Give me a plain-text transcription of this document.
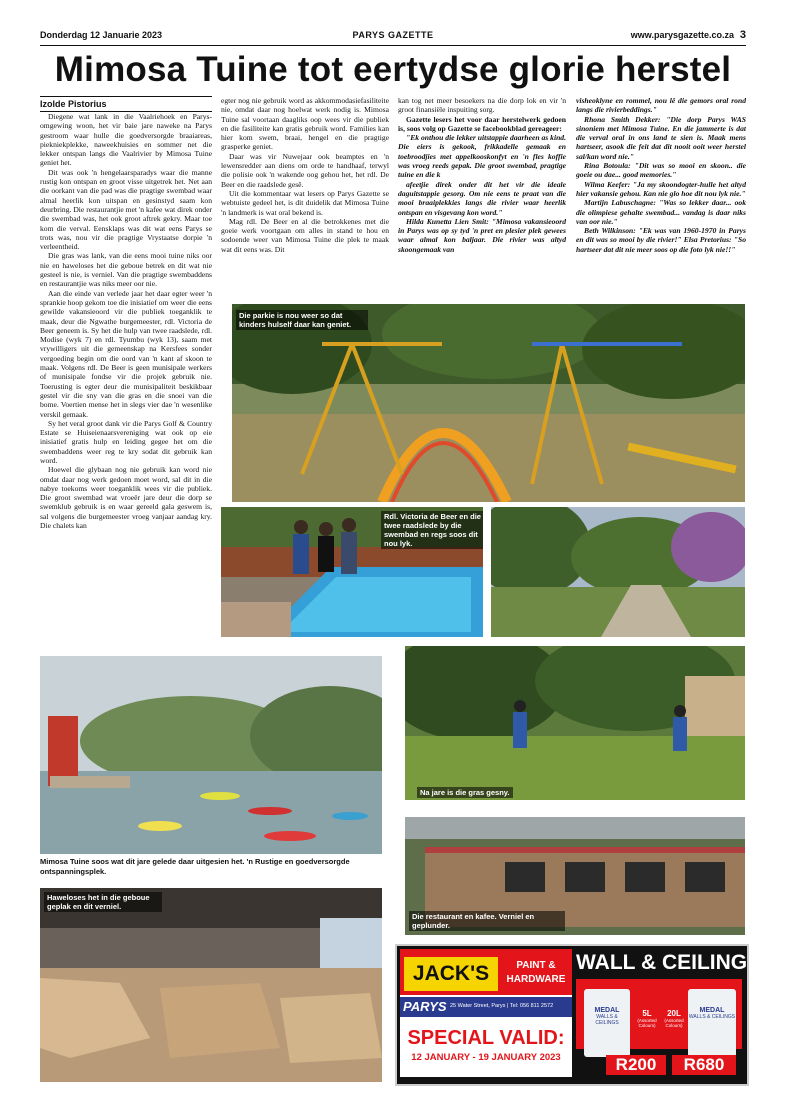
Donderdag 12 Januarie 2023	PARYS GAZETTE	www.parysgazette.co.za 3
Mimosa Tuine tot eertydse glorie herstel
Izolde Pistorius

Diegene wat lank in die Vaalriehoek en Parys-omgewing woon, het vir baie jare naweke na Parys gestroom waar hulle die goedversorgde braaiareas, piekniekplekke, naweekhuisies en sommer net die lekker ontspan langs die Vaalrivier by Mimosa Tuine geniet het.

Dit was ook 'n hengelaarsparadys waar die manne rustig kon ontspan en groot visse uitgetrek het. Net aan die oorkant van die pad was die pragtige swembad waar almal heerlik kon uitspan en gesinstyd saam kon deurbring. Die restaurantjie met 'n kafee wat direk onder die swembad was, het ook groot aftrek gekry. Maar toe kom die verval. Eensklaps was dit wat eens Parys se trots was, nou vir die pragtige Vrystaatse dorpie 'n verleentheid.

Die gras was lank, van die eens mooi tuine niks oor nie en haweloses het die geboue betrek en dit wat nie gesteel is nie, is verniel. Van die pragtige swembaddens en restaurantjie was niks meer oor nie.

Aan die einde van verlede jaar het daar egter weer 'n sprankie hoop gekom toe die inisiatief om weer die eens gewilde vakansieoord vir die publiek toeganklik te maak, deur die Ngwathe burgemeester, rdl. Victoria de Beer geneem is. Sy het die hulp van twee raadslede, rdl. Modise (wyk 7) en rdl. Tyumbu (wyk 13), saam met vrywilligers uit die gemeenskap na Kersfees sonder vergoeding begin om die oord van 'n kant af skoon te maak. Volgens rdl. De Beer is geen munisipale werkers of munisipale fondse vir die projek gebruik nie. Toerusting is egter deur die munisipaliteit beskikbaar gestel vir die sny van die gras en die snoei van die bome. Voertien mense het in slegs vier dae 'n wesenlike verskil gemaak.

Sy het veral groot dank vir die Parys Golf & Country Estate se Huiseienaarsvereniging wat ook op eie inisiatief gratis hulp en leiding gegee het om die swembaddens weer reg te kry sodat dit gebruik kan word.

Hoewel die glybaan nog nie gebruik kan word nie omdat daar nog werk gedoen moet word, sal dit in die nabye toekoms weer toeganklik wees vir die publiek. Die groot swembad wat vroeër jare deur die dorp se swemklub gebruik is en waar gereeld gala geswem is, sal volgens die burgemeester vroeg vanjaar aandag kry. Die chalets kan

egter nog nie gebruik word as akkommodasiefasiliteite nie, omdat daar nog hoelwat werk nodig is. Mimosa Tuine sal voortaan daagliks oop wees vir die publiek en die fasiliteite kan gratis gebruik word. Families kan hier kom swem, braai, hengel en die pragtige grasperke geniet.

Daar was vir Nuwejaar ook beamptes en 'n lewensredder aan diens om orde te handhaaf, terwyl die polisie ook 'n wakende oog gehou het, het rdl. De Beer en die raadslede gesê.

Uit die kommentaar wat lesers op Parys Gazette se webtuiste gedeel het, is dit duidelik dat Mimosa Tuine 'n landmerk is wat oral bekend is.

Mag rdl. De Beer en al die betrokkenes met die goeie werk voortgaan om alles in stand te hou en sodoende weer van Mimosa Tuine die plek te maak wat dit eens was. Dit

kan tog net meer besoekers na die dorp lok en vir 'n groot finansiële inspuiting sorg.

Gazette lesers het voor daar herstelwerk gedoen is, soos volg op Gazette se facebookblad gereageer:

"Ek onthou die lekker uitstappie daarheen as kind. Die eiers is gekook, frikkadelle gemaak en toebroodjies met appelkooskonfyt en 'n fles koffie was vroeg reeds gepak. Die groot swembad, pragtige tuine en die k

afeetjie direk onder dit het vir die ideale daguitstappie gesorg. Om nie eens te praat van die mooi braaiplekkies langs die rivier waar heerlik ontspan en visgevang kon word."

Hilda Kunetta Lien Smit: "Mimosa vakansieoord in Parys was op sy tyd 'n pret en plesier plek gewees waar almal kon baljaar. Die rivier was altyd skoongemaak van

visheoklyne en rommel, nou lê die gemors oral rond langs die rivierbeddings."

Rhona Smith Dekker: "Die dorp Parys WAS sinoniem met Mimosa Tuine. En die jammerte is dat die verval oral in ons land te sien is. Maak mens hartseer, asook die feit dat dit nooit ooit weer herstel sal/kan word nie."

Rina Botoula: "Dit was so mooi en skoon.. die goeie ou dae... good memories."

Wilma Keefer: "Ja my skoondogter-hulle het altyd hier vakansie gehou. Kan nie glo hoe dit nou lyk nie."

Martijn Labuschagne: "Was so lekker daar... ook die olimpiese gehalte swembad... vandag is daar niks van oor nie."

Beth Wilkinson: "Ek was van 1960-1970 in Parys en dit was so mooi by die rivier!" Elsa Pretorius: "So hartseer dat dit nie meer soos op die foto lyk nie!!"

Die parkie is nou weer so dat kinders hulself daar kan geniet.
Rdl. Victoria de Beer en die twee raadslede by die swembad en regs soos dit nou lyk.
Mimosa Tuine soos wat dit jare gelede daar uitgesien het. 'n Rustige en goedversorgde ontspanningsplek.
Na jare is die gras gesny.
Die restaurant en kafee. Verniel en geplunder.
Haweloses het in die geboue geplak en dit verniel.
JACK'S	PAINT & HARDWARE
PARYS 25 Water Street, Parys | Tel: 056 811 2572
SPECIAL VALID:
12 JANUARY - 19 JANUARY 2023
WALL & CEILING
MEDAL
WALLS & CEILINGS
MEDAL
WALLS & CEILINGS
5L
(Assorted Colours)
20L
(Assorted Colours)
R200	R680
